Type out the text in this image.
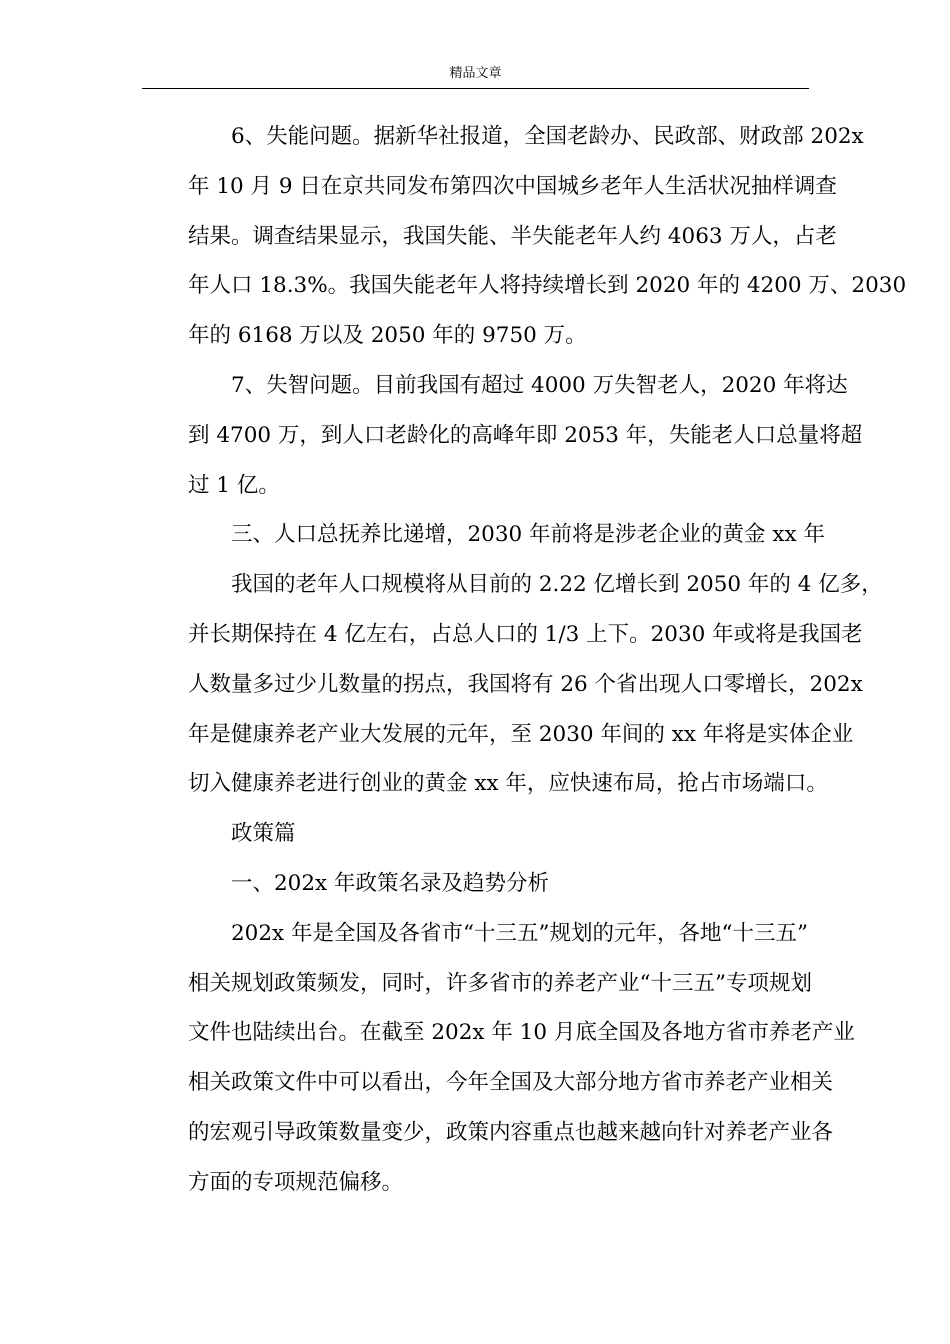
精品文章
6、失能问题。据新华社报道，全国老龄办、民政部、财政部 202x
年 10 月 9 日在京共同发布第四次中国城乡老年人生活状况抽样调查
结果。调查结果显示，我国失能、半失能老年人约 4063 万人，占老
年人口 18.3%。我国失能老年人将持续增长到 2020 年的 4200 万、2030
年的 6168 万以及 2050 年的 9750 万。
7、失智问题。目前我国有超过 4000 万失智老人，2020 年将达
到 4700 万，到人口老龄化的高峰年即 2053 年，失能老人口总量将超
过 1 亿。
三、人口总抚养比递增，2030 年前将是涉老企业的黄金 xx 年
我国的老年人口规模将从目前的 2.22 亿增长到 2050 年的 4 亿多，
并长期保持在 4 亿左右，占总人口的 1/3 上下。2030 年或将是我国老
人数量多过少儿数量的拐点，我国将有 26 个省出现人口零增长，202x
年是健康养老产业大发展的元年，至 2030 年间的 xx 年将是实体企业
切入健康养老进行创业的黄金 xx 年，应快速布局，抢占市场端口。
政策篇
一、202x 年政策名录及趋势分析
202x 年是全国及各省市“十三五”规划的元年，各地“十三五”
相关规划政策频发，同时，许多省市的养老产业“十三五”专项规划
文件也陆续出台。在截至 202x 年 10 月底全国及各地方省市养老产业
相关政策文件中可以看出，今年全国及大部分地方省市养老产业相关
的宏观引导政策数量变少，政策内容重点也越来越向针对养老产业各
方面的专项规范偏移。
